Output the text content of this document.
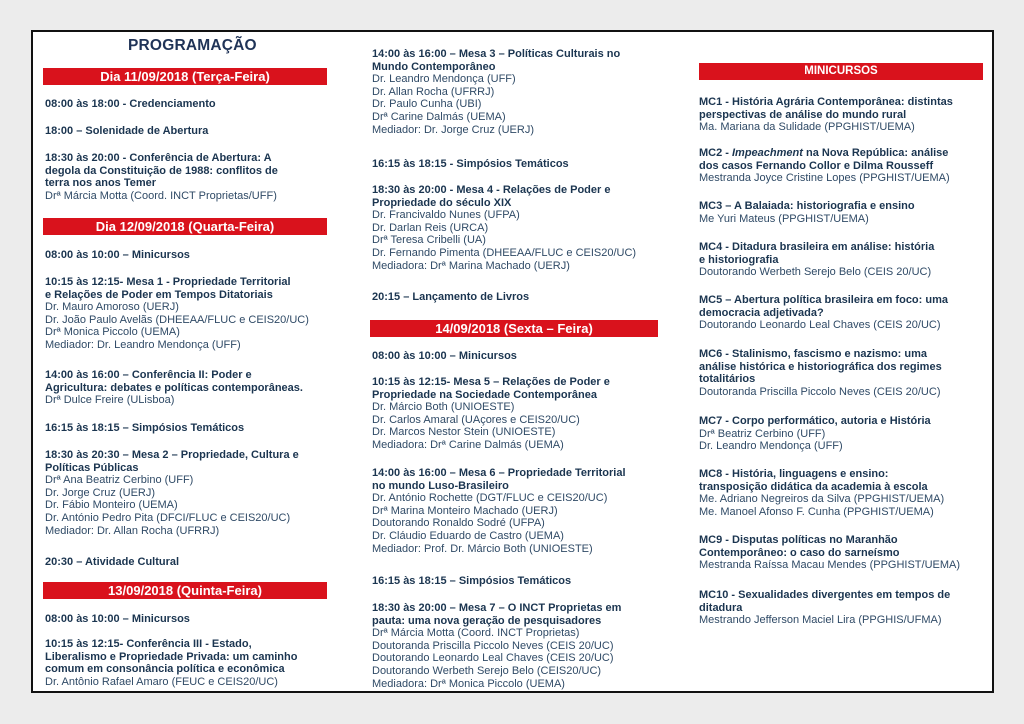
PROGRAMAÇÃO
Dia 11/09/2018 (Terça-Feira)
08:00 às 18:00 - Credenciamento
18:00 – Solenidade de Abertura
18:30 às 20:00 - Conferência de Abertura: A
degola da Constituição de 1988: conflitos de
terra nos anos Temer
Drª Márcia Motta (Coord. INCT Proprietas/UFF)
Dia 12/09/2018 (Quarta-Feira)
08:00 às 10:00 – Minicursos
10:15 às 12:15- Mesa 1 - Propriedade Territorial
e Relações de Poder em Tempos Ditatoriais
Dr. Mauro Amoroso (UERJ)
Dr. João Paulo Avelãs (DHEEAA/FLUC e CEIS20/UC)
Drª Monica Piccolo (UEMA)
Mediador: Dr. Leandro Mendonça (UFF)
14:00 às 16:00 – Conferência II: Poder e
Agricultura: debates e políticas contemporâneas.
Drª Dulce Freire (ULisboa)
16:15 às 18:15 – Simpósios Temáticos
18:30 às 20:30 – Mesa 2 – Propriedade, Cultura e
Políticas Públicas
Drª Ana Beatriz Cerbino (UFF)
Dr. Jorge Cruz (UERJ)
Dr. Fábio Monteiro (UEMA)
Dr. António Pedro Pita (DFCI/FLUC e CEIS20/UC)
Mediador: Dr. Allan Rocha (UFRRJ)
20:30 – Atividade Cultural
13/09/2018 (Quinta-Feira)
08:00 às 10:00 – Minicursos
10:15 às 12:15- Conferência III - Estado,
Liberalismo e Propriedade Privada: um caminho
comum em consonância política e econômica
Dr. Antônio Rafael Amaro (FEUC e CEIS20/UC)
14:00 às 16:00 – Mesa 3 – Políticas Culturais no
Mundo Contemporâneo
Dr. Leandro Mendonça (UFF)
Dr. Allan Rocha (UFRRJ)
Dr. Paulo Cunha (UBI)
Drª Carine Dalmás (UEMA)
Mediador: Dr. Jorge Cruz (UERJ)
16:15 às 18:15 - Simpósios Temáticos
18:30 às 20:00 - Mesa 4 - Relações de Poder e
Propriedade do século XIX
Dr. Francivaldo Nunes (UFPA)
Dr. Darlan Reis (URCA)
Drª Teresa Cribelli (UA)
Dr. Fernando Pimenta (DHEEAA/FLUC e CEIS20/UC)
Mediadora: Drª Marina Machado (UERJ)
20:15 – Lançamento de Livros
14/09/2018 (Sexta – Feira)
08:00 às 10:00 – Minicursos
10:15 às 12:15- Mesa 5 – Relações de Poder e
Propriedade na Sociedade Contemporânea
Dr. Márcio Both (UNIOESTE)
Dr. Carlos Amaral (UAçores e CEIS20/UC)
Dr. Marcos Nestor Stein (UNIOESTE)
Mediadora: Drª Carine Dalmás (UEMA)
14:00 às 16:00 – Mesa 6 – Propriedade Territorial
no mundo Luso-Brasileiro
Dr. António Rochette (DGT/FLUC e CEIS20/UC)
Drª Marina Monteiro Machado (UERJ)
Doutorando Ronaldo Sodré (UFPA)
Dr. Cláudio Eduardo de Castro (UEMA)
Mediador: Prof. Dr. Márcio Both (UNIOESTE)
16:15 às 18:15 – Simpósios Temáticos
18:30 às 20:00 – Mesa 7 – O INCT Proprietas em
pauta: uma nova geração de pesquisadores
Drª Márcia Motta (Coord. INCT Proprietas)
Doutoranda Priscilla Piccolo Neves (CEIS 20/UC)
Doutorando Leonardo Leal Chaves (CEIS 20/UC)
Doutorando Werbeth Serejo Belo (CEIS20/UC)
Mediadora: Drª Monica Piccolo (UEMA)
MINICURSOS
MC1 - História Agrária Contemporânea: distintas
perspectivas de análise do mundo rural
Ma. Mariana da Sulidade (PPGHIST/UEMA)
MC2 - Impeachment na Nova República: análise
dos casos Fernando Collor e Dilma Rousseff
Mestranda Joyce Cristine Lopes (PPGHIST/UEMA)
MC3 – A Balaiada: historiografia e ensino
Me Yuri Mateus (PPGHIST/UEMA)
MC4 - Ditadura brasileira em análise: história
e historiografia
Doutorando Werbeth Serejo Belo (CEIS 20/UC)
MC5 – Abertura política brasileira em foco: uma
democracia adjetivada?
Doutorando Leonardo Leal Chaves (CEIS 20/UC)
MC6 - Stalinismo, fascismo e nazismo: uma
análise histórica e historiográfica dos regimes
totalitários
Doutoranda Priscilla Piccolo Neves (CEIS 20/UC)
MC7 - Corpo performático, autoria e História
Drª Beatriz Cerbino (UFF)
Dr. Leandro Mendonça (UFF)
MC8 - História, linguagens e ensino:
transposição didática da academia à escola
Me. Adriano Negreiros da Silva (PPGHIST/UEMA)
Me. Manoel Afonso F. Cunha (PPGHIST/UEMA)
MC9 - Disputas políticas no Maranhão
Contemporâneo: o caso do sarneísmo
Mestranda Raíssa Macau Mendes (PPGHIST/UEMA)
MC10 - Sexualidades divergentes em tempos de
ditadura
Mestrando Jefferson Maciel Lira (PPGHIS/UFMA)
